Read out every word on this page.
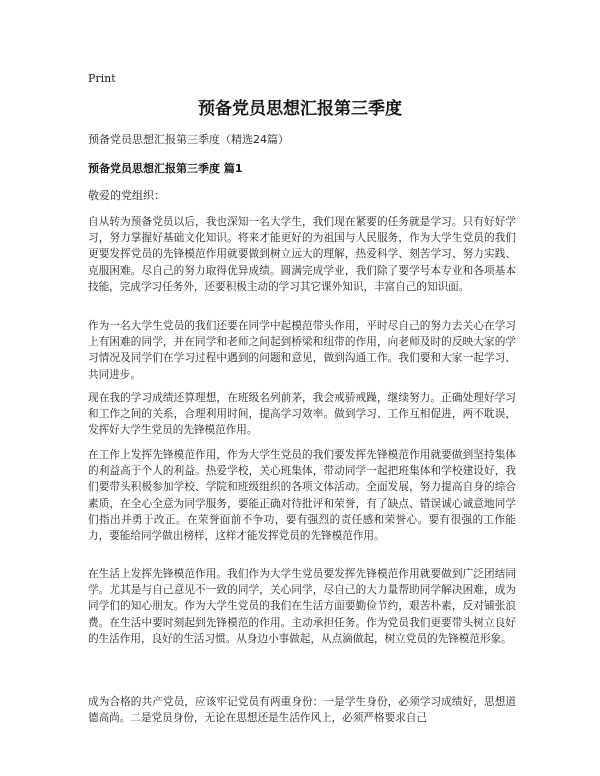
Print
预备党员思想汇报第三季度

预备党员思想汇报第三季度（精选24篇）

预备党员思想汇报第三季度 篇1

敬爱的党组织：

自从转为预备党员以后，我也深知一名大学生，我们现在紧要的任务就是学习。只有好好学习，努力掌握好基础文化知识。将来才能更好的为祖国与人民服务，作为大学生党员的我们更要发挥党员的先锋模范作用就要做到树立远大的理解，热爱科学、刻苦学习、努力实践、克服困难。尽自己的努力取得优异成绩。圆满完成学业，我们除了要学号本专业和各项基本技能，完成学习任务外，还要积极主动的学习其它课外知识，丰富自己的知识面。

作为一名大学生党员的我们还要在同学中起模范带头作用，平时尽自己的努力去关心在学习上有困难的同学，并在同学和老师之间起到桥梁和纽带的作用，向老师及时的反映大家的学习情况及同学们在学习过程中遇到的问题和意见，做到沟通工作。我们要和大家一起学习、共同进步。

现在我的学习成绩还算理想，在班级名列前茅，我会戒骄戒躁，继续努力。正确处理好学习和工作之间的关系，合理利用时间，提高学习效率。做到学习、工作互相促进，两不耽误，发挥好大学生党员的先锋模范作用。

在工作上发挥先锋模范作用，作为大学生党员的我们要发挥先锋模范作用就要做到坚持集体的利益高于个人的利益。热爱学校，关心班集体，带动同学一起把班集体和学校建设好，我们要带头积极参加学校、学院和班级组织的各项文体活动。全面发展，努力提高自身的综合素质，在全心全意为同学服务，要能正确对待批评和荣誉，有了缺点、错误诚心诚意地同学们指出并勇于改正。在荣誉面前不争功，要有强烈的责任感和荣誉心。要有很强的工作能力，要能给同学做出榜样，这样才能发挥党员的先锋模范作用。

在生活上发挥先锋模范作用。我们作为大学生党员要发挥先锋模范作用就要做到广泛团结同学。尤其是与自己意见不一致的同学，关心同学，尽自己的大力量帮助同学解决困难，成为同学们的知心朋友。作为大学生党员的我们在生活方面要勤俭节约，艰苦朴素，反对铺张浪费。在生活中要时刻起到先锋模范的作用。主动承担任务。作为党员我们更要带头树立良好的生活作用，良好的生活习惯。从身边小事做起，从点滴做起，树立党员的先锋模范形象。

成为合格的共产党员，应该牢记党员有两重身份：一是学生身份，必须学习成绩好，思想道德高尚。二是党员身份，无论在思想还是生活作风上，必须严格要求自己
